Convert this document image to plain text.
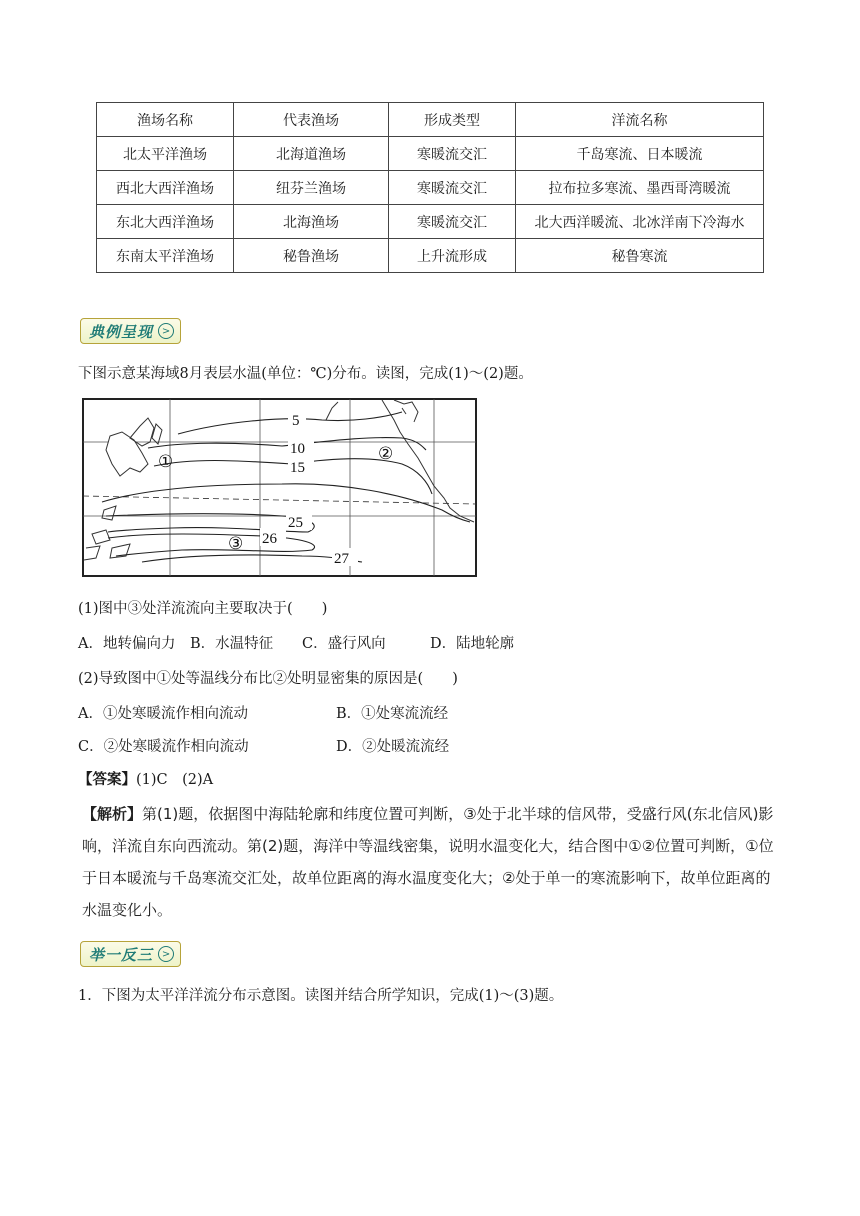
渔场名称	代表渔场	形成类型	洋流名称
北太平洋渔场	北海道渔场	寒暖流交汇	千岛寒流、日本暖流
西北大西洋渔场	纽芬兰渔场	寒暖流交汇	拉布拉多寒流、墨西哥湾暖流
东北大西洋渔场	北海渔场	寒暖流交汇	北大西洋暖流、北冰洋南下冷海水
东南太平洋渔场	秘鲁渔场	上升流形成	秘鲁寒流
典例呈现 >
下图示意某海域8月表层水温(单位：℃)分布。读图，完成(1)～(2)题。
5
10
15
25
26
27
①	②
③
(1)图中③处洋流流向主要取决于(　　)
A．地转偏向力 B．水温特征 C．盛行风向	D．陆地轮廓
(2)导致图中①处等温线分布比②处明显密集的原因是(　　)
A．①处寒暖流作相向流动	B．①处寒流流经
C．②处寒暖流作相向流动	D．②处暖流流经
【答案】(1)C　(2)A
【解析】第(1)题，依据图中海陆轮廓和纬度位置可判断，③处于北半球的信风带，受盛行风(东北信风)影响，洋流自东向西流动。第(2)题，海洋中等温线密集，说明水温变化大，结合图中①②位置可判断，①位于日本暖流与千岛寒流交汇处，故单位距离的海水温度变化大；②处于单一的寒流影响下，故单位距离的水温变化小。
举一反三 >
1．下图为太平洋洋流分布示意图。读图并结合所学知识，完成(1)～(3)题。
